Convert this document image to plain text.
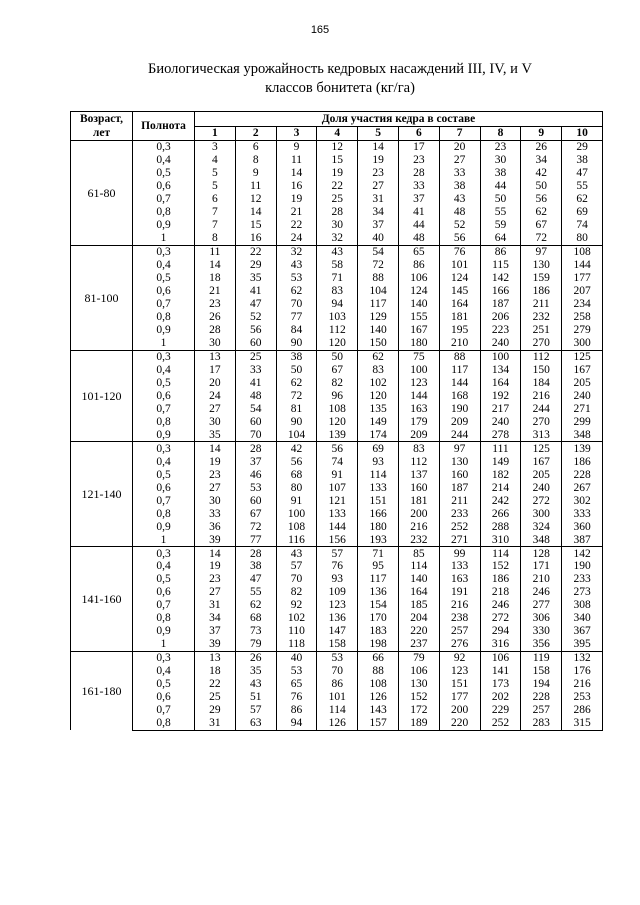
165
Биологическая урожайность кедровых насаждений III, IV, и V
классов бонитета (кг/га)
Возраст, лет	Полнота	Доля участия кедра в составе									
		1	2	3	4	5	6	7	8	9	10
61-80	0,3	3	6	9	12	14	17	20	23	26	29
	0,4	4	8	11	15	19	23	27	30	34	38
	0,5	5	9	14	19	23	28	33	38	42	47
	0,6	5	11	16	22	27	33	38	44	50	55
	0,7	6	12	19	25	31	37	43	50	56	62
	0,8	7	14	21	28	34	41	48	55	62	69
	0,9	7	15	22	30	37	44	52	59	67	74
	1	8	16	24	32	40	48	56	64	72	80
81-100	0,3	11	22	32	43	54	65	76	86	97	108
	0,4	14	29	43	58	72	86	101	115	130	144
	0,5	18	35	53	71	88	106	124	142	159	177
	0,6	21	41	62	83	104	124	145	166	186	207
	0,7	23	47	70	94	117	140	164	187	211	234
	0,8	26	52	77	103	129	155	181	206	232	258
	0,9	28	56	84	112	140	167	195	223	251	279
	1	30	60	90	120	150	180	210	240	270	300
101-120	0,3	13	25	38	50	62	75	88	100	112	125
	0,4	17	33	50	67	83	100	117	134	150	167
	0,5	20	41	62	82	102	123	144	164	184	205
	0,6	24	48	72	96	120	144	168	192	216	240
	0,7	27	54	81	108	135	163	190	217	244	271
	0,8	30	60	90	120	149	179	209	240	270	299
	0,9	35	70	104	139	174	209	244	278	313	348
121-140	0,3	14	28	42	56	69	83	97	111	125	139
	0,4	19	37	56	74	93	112	130	149	167	186
	0,5	23	46	68	91	114	137	160	182	205	228
	0,6	27	53	80	107	133	160	187	214	240	267
	0,7	30	60	91	121	151	181	211	242	272	302
	0,8	33	67	100	133	166	200	233	266	300	333
	0,9	36	72	108	144	180	216	252	288	324	360
	1	39	77	116	156	193	232	271	310	348	387
141-160	0,3	14	28	43	57	71	85	99	114	128	142
	0,4	19	38	57	76	95	114	133	152	171	190
	0,5	23	47	70	93	117	140	163	186	210	233
	0,6	27	55	82	109	136	164	191	218	246	273
	0,7	31	62	92	123	154	185	216	246	277	308
	0,8	34	68	102	136	170	204	238	272	306	340
	0,9	37	73	110	147	183	220	257	294	330	367
	1	39	79	118	158	198	237	276	316	356	395
161-180	0,3	13	26	40	53	66	79	92	106	119	132
	0,4	18	35	53	70	88	106	123	141	158	176
	0,5	22	43	65	86	108	130	151	173	194	216
	0,6	25	51	76	101	126	152	177	202	228	253
	0,7	29	57	86	114	143	172	200	229	257	286
	0,8	31	63	94	126	157	189	220	252	283	315
